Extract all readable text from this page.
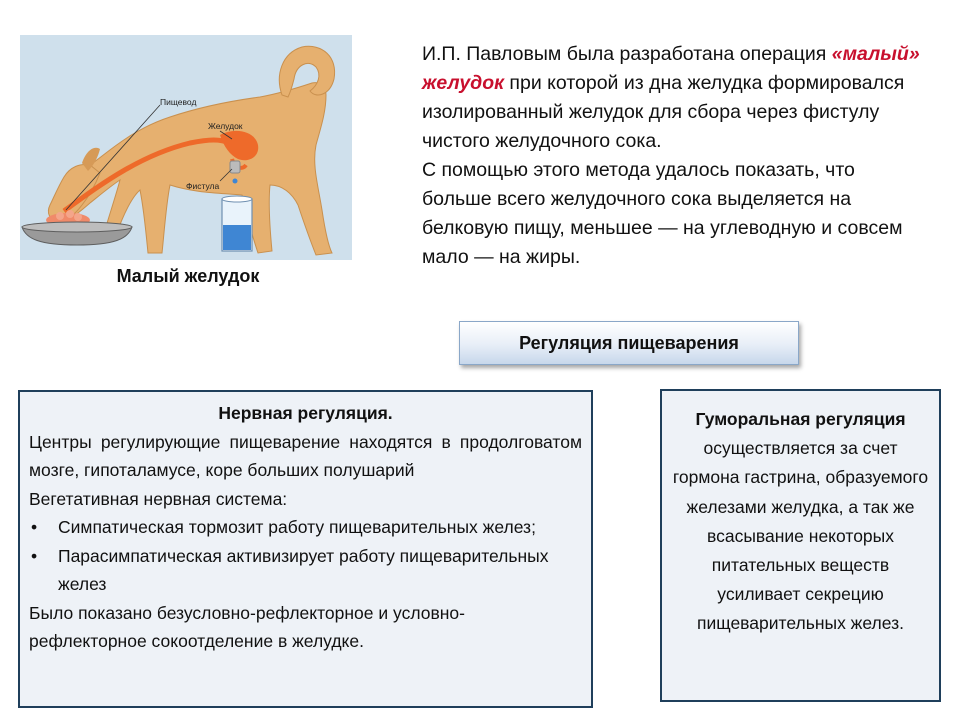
Пищевод
Желудок
Фистула
Малый желудок

И.П. Павловым была разработана операция «малый» желудок при которой из дна желудка формировался изолированный желудок для сбора через фистулу чистого желудочного сока.

С помощью этого метода удалось показать, что больше всего желудочного сока выделяется на белковую пищу, меньшее — на углеводную и совсем мало — на жиры.

Регуляция пищеварения
Нервная регуляция.
Центры регулирующие пищеварение находятся в продолговатом мозге, гипоталамусе, коре больших полушарий
Вегетативная нервная система:
• Симпатическая тормозит работу пищеварительных желез;
• Парасимпатическая активизирует работу пищеварительных желез
Было показано безусловно-рефлекторное и условно-рефлекторное сокоотделение в желудке.
Гуморальная регуляция осуществляется за счет гормона гастрина, образуемого железами желудка, а так же всасывание некоторых питательных веществ усиливает секрецию пищеварительных желез.
